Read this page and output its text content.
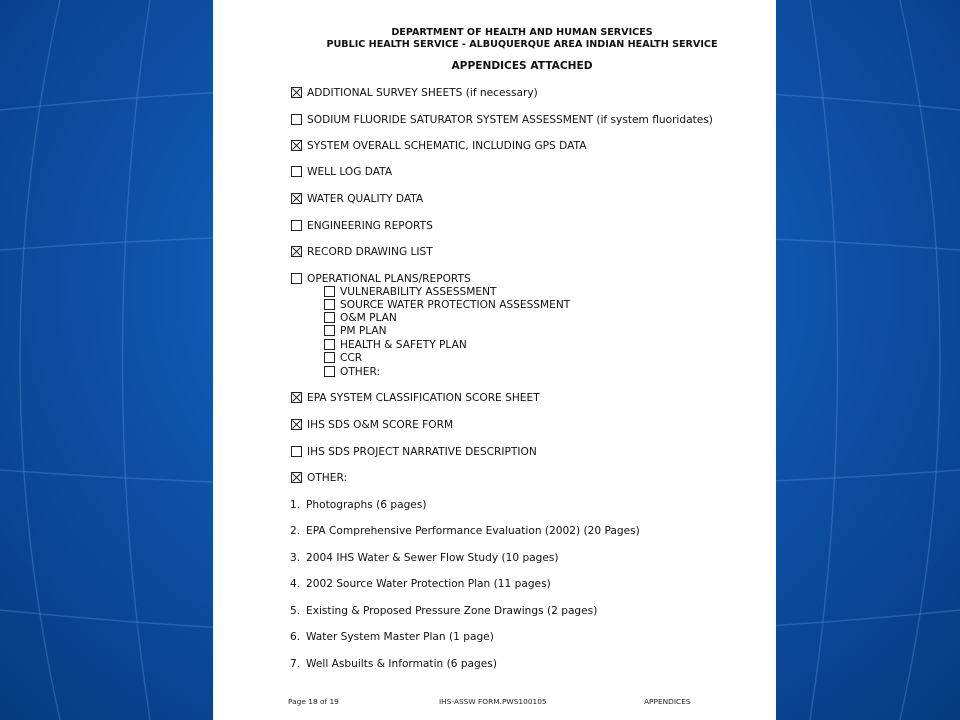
DEPARTMENT OF HEALTH AND HUMAN SERVICES
PUBLIC HEALTH SERVICE - ALBUQUERQUE AREA INDIAN HEALTH SERVICE
APPENDICES ATTACHED
ADDITIONAL SURVEY SHEETS (if necessary)
SODIUM FLUORIDE SATURATOR SYSTEM ASSESSMENT (if system fluoridates)
SYSTEM OVERALL SCHEMATIC, INCLUDING GPS DATA
WELL LOG DATA
WATER QUALITY DATA
ENGINEERING REPORTS
RECORD DRAWING LIST
OPERATIONAL PLANS/REPORTS
VULNERABILITY ASSESSMENT
SOURCE WATER PROTECTION ASSESSMENT
O&M PLAN
PM PLAN
HEALTH & SAFETY PLAN
CCR
OTHER:
EPA SYSTEM CLASSIFICATION SCORE SHEET
IHS SDS O&M SCORE FORM
IHS SDS PROJECT NARRATIVE DESCRIPTION
OTHER:
1. Photographs (6 pages)
2. EPA Comprehensive Performance Evaluation (2002) (20 Pages)
3. 2004 IHS Water & Sewer Flow Study (10 pages)
4. 2002 Source Water Protection Plan (11 pages)
5. Existing & Proposed Pressure Zone Drawings (2 pages)
6. Water System Master Plan (1 page)
7. Well Asbuilts & Informatin (6 pages)
Page 18 of 19	IHS-ASSW FORM.PWS100105	APPENDICES
